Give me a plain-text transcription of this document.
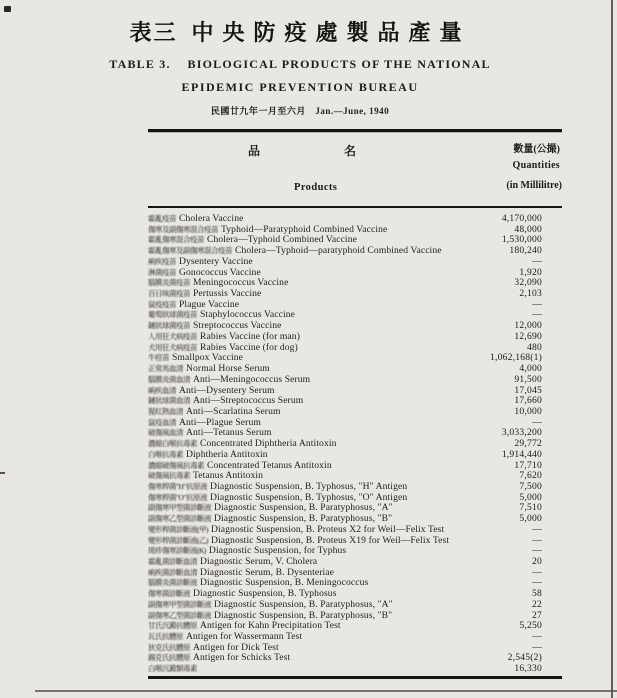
表三 中央防疫處製品產量
TABLE 3. BIOLOGICAL PRODUCTS OF THE NATIONAL
EPIDEMIC PREVENTION BUREAU
民國廿九年一月至六月　Jan.—June, 1940
品	名	數量(公撮)
Quantities
Products	(in Millilitre)
霍亂疫苗 Cholera Vaccine	4,170,000
傷寒及副傷寒混合疫苗 Typhoid—Paratyphoid Combined Vaccine	48,000
霍亂傷寒混合疫苗 Cholera—Typhoid Combined Vaccine	1,530,000
霍亂傷寒及副傷寒混合疫苗 Cholera—Typhoid—paratyphoid Combined Vaccine	180,240
痢疾疫苗 Dysentery Vaccine	—
淋菌疫苗 Gonococcus Vaccine	1,920
腦膜炎菌疫苗 Meningococcus Vaccine	32,090
百日咳菌疫苗 Pertussis Vaccine	2,103
鼠疫疫苗 Plague Vaccine	—
葡萄狀球菌疫苗 Staphylococcus Vaccine	—
鏈狀球菌疫苗 Streptococcus Vaccine	12,000
人用狂犬病疫苗 Rabies Vaccine (for man)	12,690
犬用狂犬病疫苗 Rabies Vaccine (for dog)	480
牛痘苗 Smallpox Vaccine	1,062,168(1)
正常馬血清 Normal Horse Serum	4,000
腦膜炎菌血清 Anti—Meningococcus Serum	91,500
痢疾血清 Anti—Dysentery Serum	17,045
鏈狀球菌血清 Anti—Streptococcus Serum	17,660
猩紅熱血清 Anti—Scarlatina Serum	10,000
鼠疫血清 Anti—Plague Serum	—
破傷風血清 Anti—Tetanus Serum	3,033,200
濃縮白喉抗毒素 Concentrated Diphtheria Antitoxin	29,772
白喉抗毒素 Diphtheria Antitoxin	1,914,440
濃縮破傷風抗毒素 Concentrated Tetanus Antitoxin	17,710
破傷風抗毒素 Tetanus Antitoxin	7,620
傷寒桿菌"H"抗原液 Diagnostic Suspension, B. Typhosus, "H" Antigen	7,500
傷寒桿菌"O"抗原液 Diagnostic Suspension, B. Typhosus, "O" Antigen	5,000
副傷寒甲型菌診斷液 Diagnostic Suspension, B. Paratyphosus, "A"	7,510
副傷寒乙型菌診斷液 Diagnostic Suspension, B. Paratyphosus, "B"	5,000
變形桿菌診斷液(甲) Diagnostic Suspension, B. Proteus X2 for Weil—Felix Test	—
變形桿菌診斷液(乙) Diagnostic Suspension, B. Proteus X19 for Weil—Felix Test	—
斑疹傷寒診斷液(K) Diagnostic Suspension, for Typhus	—
霍亂菌診斷血清 Diagnostic Serum, V. Cholera	20
痢疾菌診斷血清 Diagnostic Serum, B. Dysenteriae	—
腦膜炎菌診斷液 Diagnostic Suspension, B. Meningococcus	—
傷寒菌診斷液 Diagnostic Suspension, B. Typhosus	58
副傷寒甲型菌診斷液 Diagnostic Suspension, B. Paratyphosus, "A"	22
副傷寒乙型菌診斷液 Diagnostic Suspension, B. Paratyphosus, "B"	27
甘氏沉澱抗體原 Antigen for Kahn Precipitation Test	5,250
瓦氏抗體原 Antigen for Wassermann Test	—
狄克氏抗體原 Antigen for Dick Test	—
錫克氏抗體原 Antigen for Schicks Test	2,545(2)
白喉沉澱類毒素	16,330
